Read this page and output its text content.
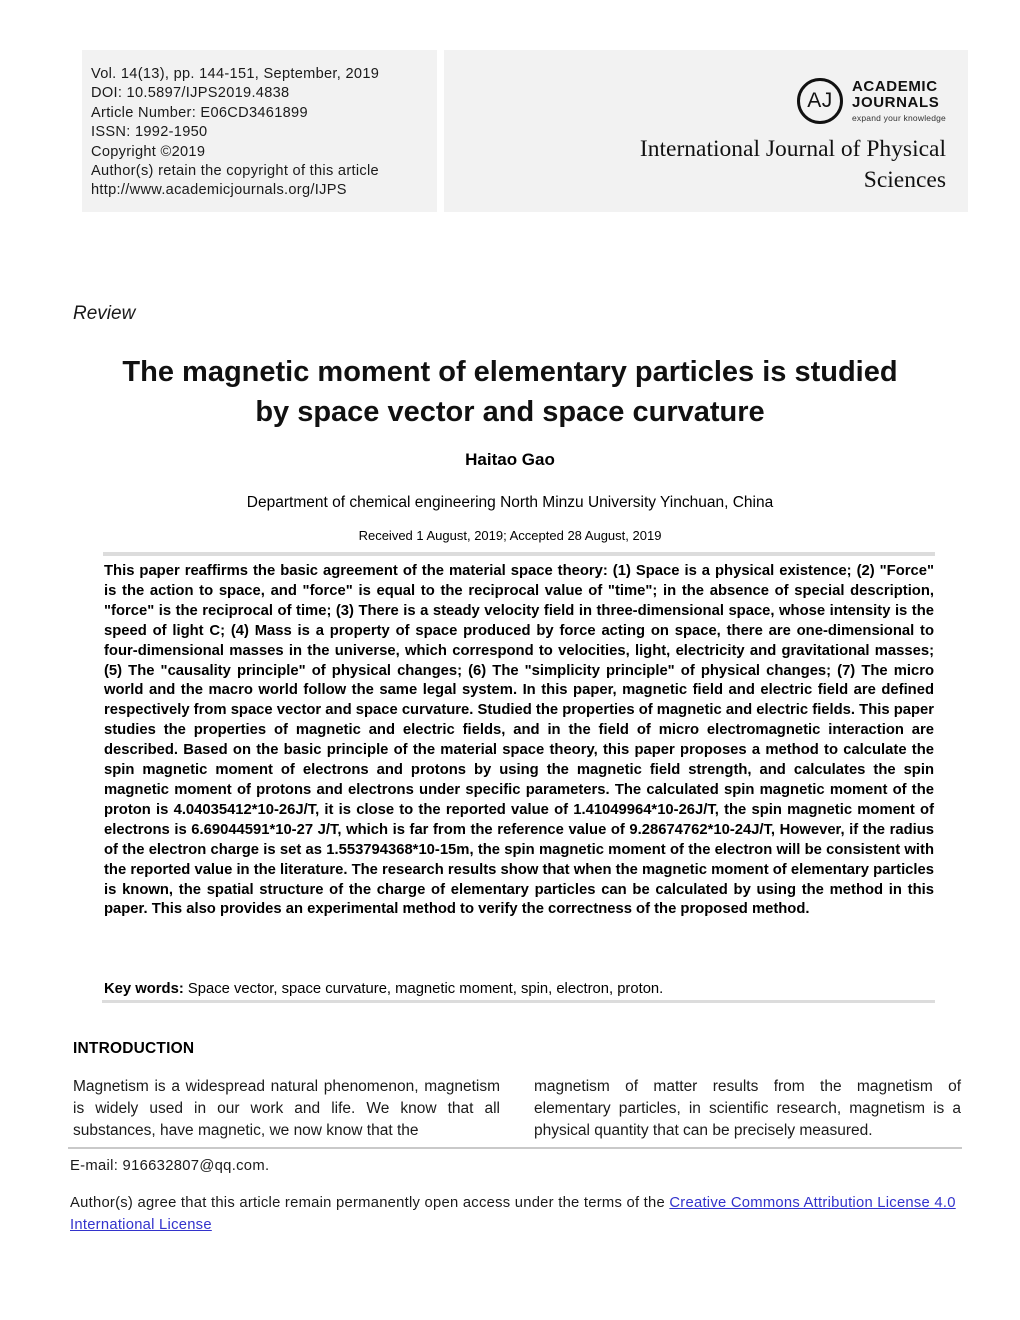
Vol. 14(13), pp. 144-151, September, 2019
DOI: 10.5897/IJPS2019.4838
Article Number: E06CD3461899
ISSN: 1992-1950
Copyright ©2019
Author(s) retain the copyright of this article
http://www.academicjournals.org/IJPS
AJ
ACADEMIC
JOURNALS
expand your knowledge
International Journal of Physical Sciences
Review
The magnetic moment of elementary particles is studied by space vector and space curvature
Haitao Gao
Department of chemical engineering North Minzu University Yinchuan, China
Received 1 August, 2019; Accepted 28 August, 2019
This paper reaffirms the basic agreement of the material space theory: (1) Space is a physical existence; (2) "Force" is the action to space, and "force" is equal to the reciprocal value of "time"; in the absence of special description, "force" is the reciprocal of time; (3) There is a steady velocity field in three-dimensional space, whose intensity is the speed of light C; (4) Mass is a property of space produced by force acting on space, there are one-dimensional to four-dimensional masses in the universe, which correspond to velocities, light, electricity and gravitational masses; (5) The "causality principle" of physical changes; (6) The "simplicity principle" of physical changes; (7) The micro world and the macro world follow the same legal system. In this paper, magnetic field and electric field are defined respectively from space vector and space curvature. Studied the properties of magnetic and electric fields. This paper studies the properties of magnetic and electric fields, and in the field of micro electromagnetic interaction are described. Based on the basic principle of the material space theory, this paper proposes a method to calculate the spin magnetic moment of electrons and protons by using the magnetic field strength, and calculates the spin magnetic moment of protons and electrons under specific parameters. The calculated spin magnetic moment of the proton is 4.04035412*10-26J/T, it is close to the reported value of 1.41049964*10-26J/T, the spin magnetic moment of electrons is 6.69044591*10-27 J/T, which is far from the reference value of 9.28674762*10-24J/T, However, if the radius of the electron charge is set as 1.553794368*10-15m, the spin magnetic moment of the electron will be consistent with the reported value in the literature. The research results show that when the magnetic moment of elementary particles is known, the spatial structure of the charge of elementary particles can be calculated by using the method in this paper. This also provides an experimental method to verify the correctness of the proposed method.
Key words: Space vector, space curvature, magnetic moment, spin, electron, proton.
INTRODUCTION
Magnetism is a widespread natural phenomenon, magnetism is widely used in our work and life. We know that all substances, have magnetic, we now know that the
magnetism of matter results from the magnetism of elementary particles, in scientific research, magnetism is a physical quantity that can be precisely measured.
E-mail: 916632807@qq.com.
Author(s) agree that this article remain permanently open access under the terms of the Creative Commons Attribution License 4.0 International License
